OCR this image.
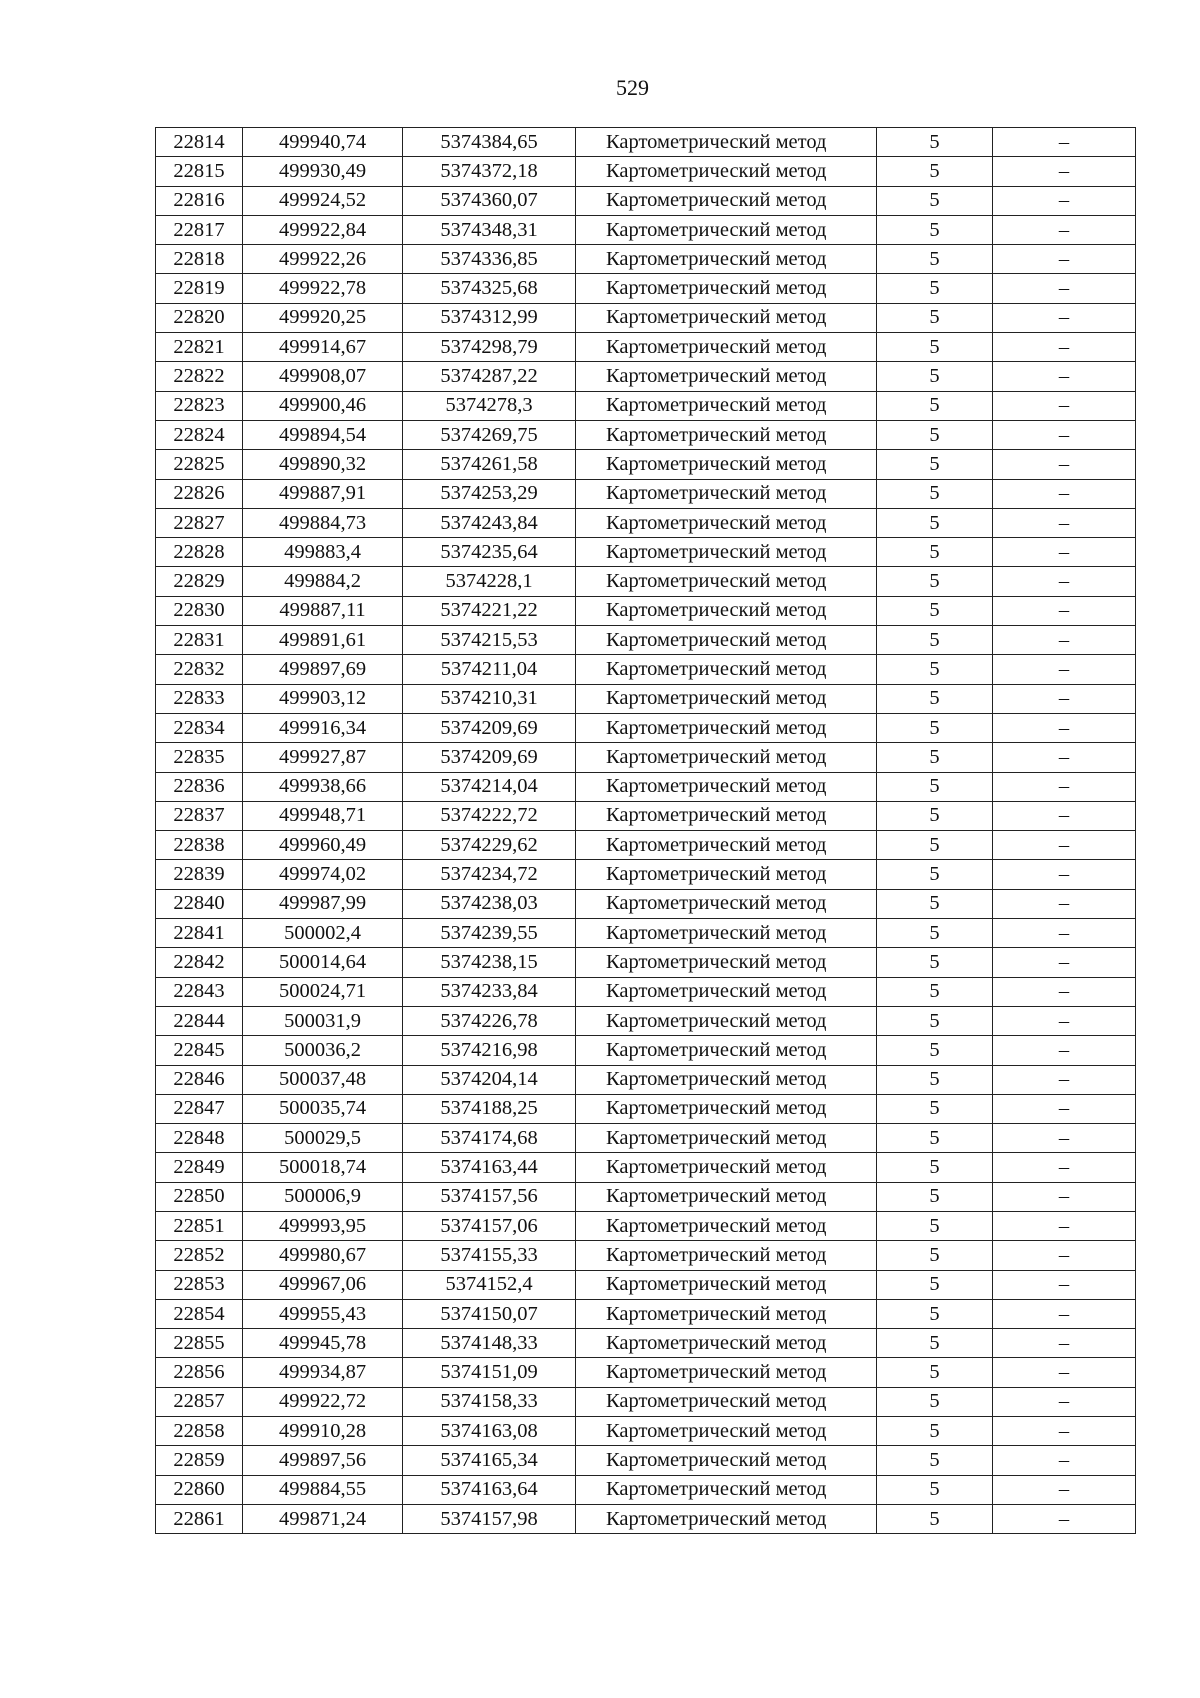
529
22814	499940,74	5374384,65	Картометрический метод	5	–
22815	499930,49	5374372,18	Картометрический метод	5	–
22816	499924,52	5374360,07	Картометрический метод	5	–
22817	499922,84	5374348,31	Картометрический метод	5	–
22818	499922,26	5374336,85	Картометрический метод	5	–
22819	499922,78	5374325,68	Картометрический метод	5	–
22820	499920,25	5374312,99	Картометрический метод	5	–
22821	499914,67	5374298,79	Картометрический метод	5	–
22822	499908,07	5374287,22	Картометрический метод	5	–
22823	499900,46	5374278,3	Картометрический метод	5	–
22824	499894,54	5374269,75	Картометрический метод	5	–
22825	499890,32	5374261,58	Картометрический метод	5	–
22826	499887,91	5374253,29	Картометрический метод	5	–
22827	499884,73	5374243,84	Картометрический метод	5	–
22828	499883,4	5374235,64	Картометрический метод	5	–
22829	499884,2	5374228,1	Картометрический метод	5	–
22830	499887,11	5374221,22	Картометрический метод	5	–
22831	499891,61	5374215,53	Картометрический метод	5	–
22832	499897,69	5374211,04	Картометрический метод	5	–
22833	499903,12	5374210,31	Картометрический метод	5	–
22834	499916,34	5374209,69	Картометрический метод	5	–
22835	499927,87	5374209,69	Картометрический метод	5	–
22836	499938,66	5374214,04	Картометрический метод	5	–
22837	499948,71	5374222,72	Картометрический метод	5	–
22838	499960,49	5374229,62	Картометрический метод	5	–
22839	499974,02	5374234,72	Картометрический метод	5	–
22840	499987,99	5374238,03	Картометрический метод	5	–
22841	500002,4	5374239,55	Картометрический метод	5	–
22842	500014,64	5374238,15	Картометрический метод	5	–
22843	500024,71	5374233,84	Картометрический метод	5	–
22844	500031,9	5374226,78	Картометрический метод	5	–
22845	500036,2	5374216,98	Картометрический метод	5	–
22846	500037,48	5374204,14	Картометрический метод	5	–
22847	500035,74	5374188,25	Картометрический метод	5	–
22848	500029,5	5374174,68	Картометрический метод	5	–
22849	500018,74	5374163,44	Картометрический метод	5	–
22850	500006,9	5374157,56	Картометрический метод	5	–
22851	499993,95	5374157,06	Картометрический метод	5	–
22852	499980,67	5374155,33	Картометрический метод	5	–
22853	499967,06	5374152,4	Картометрический метод	5	–
22854	499955,43	5374150,07	Картометрический метод	5	–
22855	499945,78	5374148,33	Картометрический метод	5	–
22856	499934,87	5374151,09	Картометрический метод	5	–
22857	499922,72	5374158,33	Картометрический метод	5	–
22858	499910,28	5374163,08	Картометрический метод	5	–
22859	499897,56	5374165,34	Картометрический метод	5	–
22860	499884,55	5374163,64	Картометрический метод	5	–
22861	499871,24	5374157,98	Картометрический метод	5	–
